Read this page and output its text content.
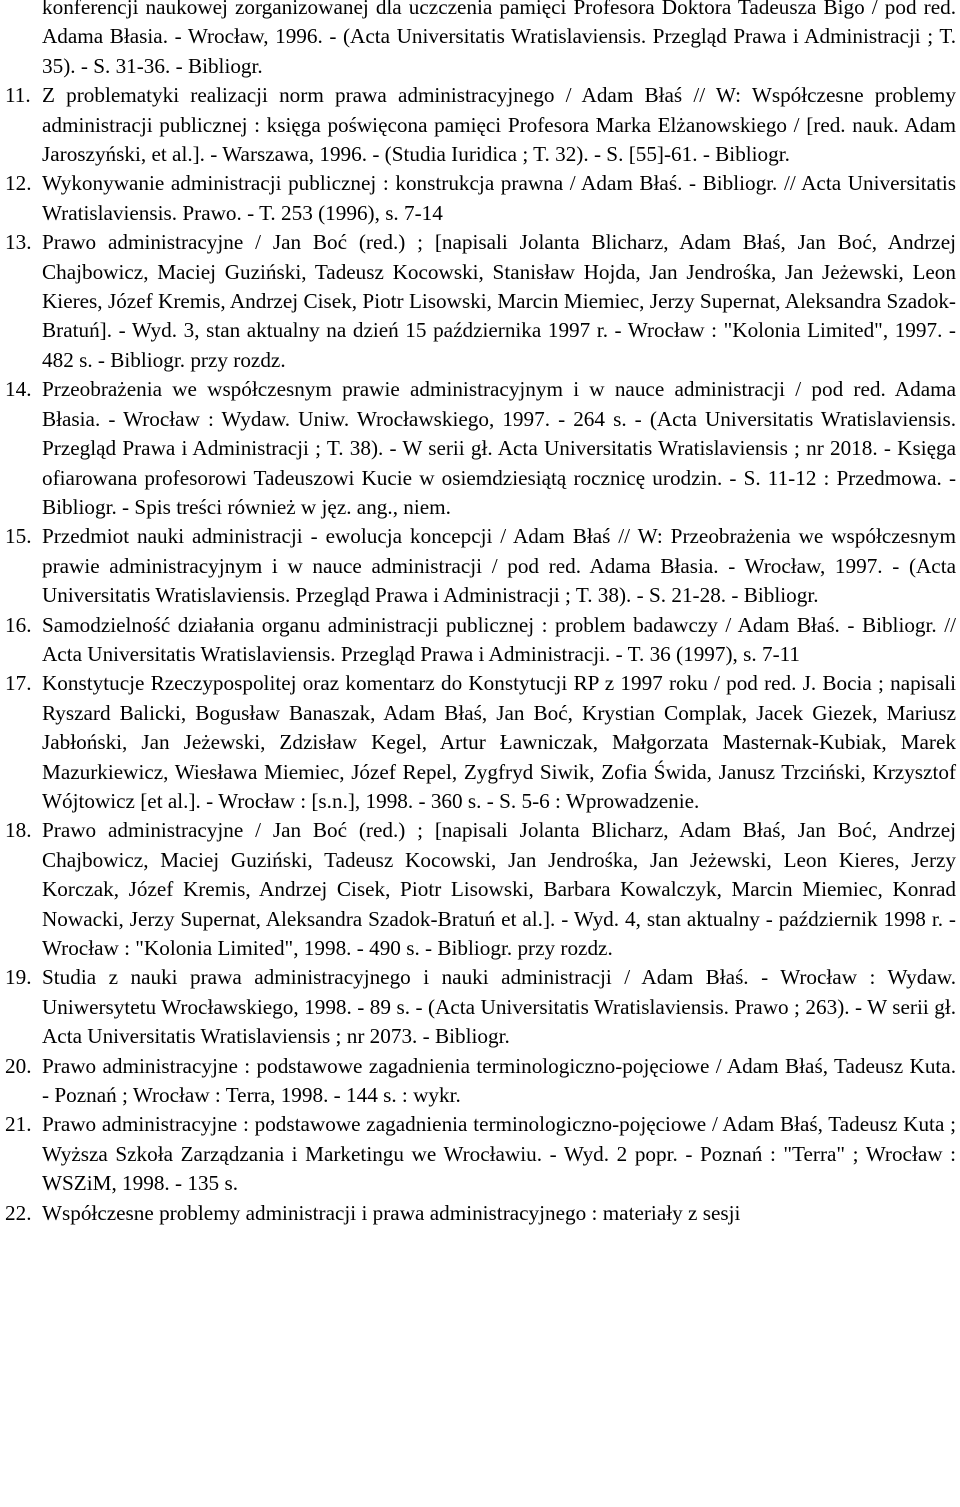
konferencji naukowej zorganizowanej dla uczczenia pamięci Profesora Doktora Tadeusza Bigo / pod red. Adama Błasia. - Wrocław, 1996. - (Acta Universitatis Wratislaviensis. Przegląd Prawa i Administracji ; T. 35). - S. 31-36. - Bibliogr.
11. Z problematyki realizacji norm prawa administracyjnego / Adam Błaś // W: Współczesne problemy administracji publicznej : księga poświęcona pamięci Profesora Marka Elżanowskiego / [red. nauk. Adam Jaroszyński, et al.]. - Warszawa, 1996. - (Studia Iuridica ; T. 32). - S. [55]-61. - Bibliogr.
12. Wykonywanie administracji publicznej : konstrukcja prawna / Adam Błaś. - Bibliogr. // Acta Universitatis Wratislaviensis. Prawo. - T. 253 (1996), s. 7-14
13. Prawo administracyjne / Jan Boć (red.) ; [napisali Jolanta Blicharz, Adam Błaś, Jan Boć, Andrzej Chajbowicz, Maciej Guziński, Tadeusz Kocowski, Stanisław Hojda, Jan Jendrośka, Jan Jeżewski, Leon Kieres, Józef Kremis, Andrzej Cisek, Piotr Lisowski, Marcin Miemiec, Jerzy Supernat, Aleksandra Szadok-Bratuń]. - Wyd. 3, stan aktualny na dzień 15 października 1997 r. - Wrocław : "Kolonia Limited", 1997. - 482 s. - Bibliogr. przy rozdz.
14. Przeobrażenia we współczesnym prawie administracyjnym i w nauce administracji / pod red. Adama Błasia. - Wrocław : Wydaw. Uniw. Wrocławskiego, 1997. - 264 s. - (Acta Universitatis Wratislaviensis. Przegląd Prawa i Administracji ; T. 38). - W serii gł. Acta Universitatis Wratislaviensis ; nr 2018. - Księga ofiarowana profesorowi Tadeuszowi Kucie w osiemdziesiątą rocznicę urodzin. - S. 11-12 : Przedmowa. - Bibliogr. - Spis treści również w jęz. ang., niem.
15. Przedmiot nauki administracji - ewolucja koncepcji / Adam Błaś // W: Przeobrażenia we współczesnym prawie administracyjnym i w nauce administracji / pod red. Adama Błasia. - Wrocław, 1997. - (Acta Universitatis Wratislaviensis. Przegląd Prawa i Administracji ; T. 38). - S. 21-28. - Bibliogr.
16. Samodzielność działania organu administracji publicznej : problem badawczy / Adam Błaś. - Bibliogr. // Acta Universitatis Wratislaviensis. Przegląd Prawa i Administracji. - T. 36 (1997), s. 7-11
17. Konstytucje Rzeczypospolitej oraz komentarz do Konstytucji RP z 1997 roku / pod red. J. Bocia ; napisali Ryszard Balicki, Bogusław Banaszak, Adam Błaś, Jan Boć, Krystian Complak, Jacek Giezek, Mariusz Jabłoński, Jan Jeżewski, Zdzisław Kegel, Artur Ławniczak, Małgorzata Masternak-Kubiak, Marek Mazurkiewicz, Wiesława Miemiec, Józef Repel, Zygfryd Siwik, Zofia Świda, Janusz Trzciński, Krzysztof Wójtowicz [et al.]. - Wrocław : [s.n.], 1998. - 360 s. - S. 5-6 : Wprowadzenie.
18. Prawo administracyjne / Jan Boć (red.) ; [napisali Jolanta Blicharz, Adam Błaś, Jan Boć, Andrzej Chajbowicz, Maciej Guziński, Tadeusz Kocowski, Jan Jendrośka, Jan Jeżewski, Leon Kieres, Jerzy Korczak, Józef Kremis, Andrzej Cisek, Piotr Lisowski, Barbara Kowalczyk, Marcin Miemiec, Konrad Nowacki, Jerzy Supernat, Aleksandra Szadok-Bratuń et al.]. - Wyd. 4, stan aktualny - październik 1998 r. - Wrocław : "Kolonia Limited", 1998. - 490 s. - Bibliogr. przy rozdz.
19. Studia z nauki prawa administracyjnego i nauki administracji / Adam Błaś. - Wrocław : Wydaw. Uniwersytetu Wrocławskiego, 1998. - 89 s. - (Acta Universitatis Wratislaviensis. Prawo ; 263). - W serii gł. Acta Universitatis Wratislaviensis ; nr 2073. - Bibliogr.
20. Prawo administracyjne : podstawowe zagadnienia terminologiczno-pojęciowe / Adam Błaś, Tadeusz Kuta. - Poznań ; Wrocław : Terra, 1998. - 144 s. : wykr.
21. Prawo administracyjne : podstawowe zagadnienia terminologiczno-pojęciowe / Adam Błaś, Tadeusz Kuta ; Wyższa Szkoła Zarządzania i Marketingu we Wrocławiu. - Wyd. 2 popr. - Poznań : "Terra" ; Wrocław : WSZiM, 1998. - 135 s.
22. Współczesne problemy administracji i prawa administracyjnego : materiały z sesji
